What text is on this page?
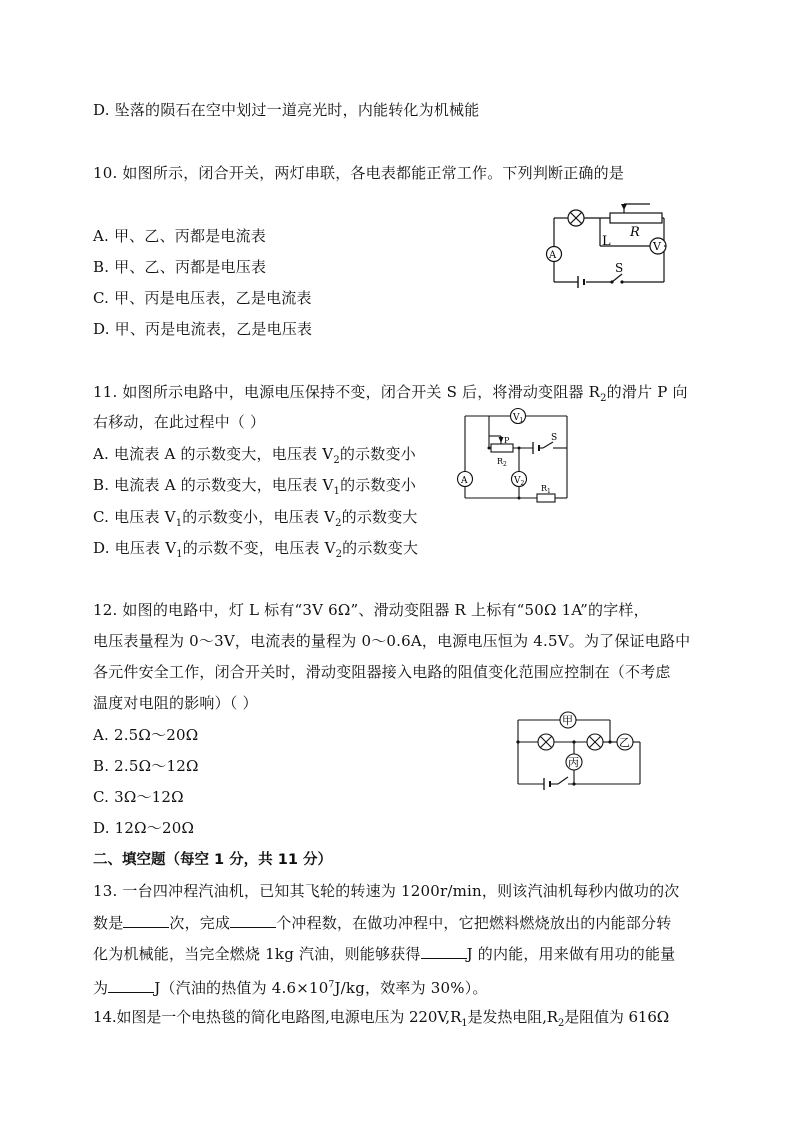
D. 坠落的陨石在空中划过一道亮光时，内能转化为机械能
10. 如图所示，闭合开关，两灯串联，各电表都能正常工作。下列判断正确的是
A. 甲、乙、丙都是电流表
B. 甲、乙、丙都是电压表
C. 甲、丙是电压表，乙是电流表
D. 甲、丙是电流表，乙是电压表
L
R
A
V
S
11. 如图所示电路中，电源电压保持不变，闭合开关 S 后，将滑动变阻器 $R_2$的滑片 P 向
右移动，在此过程中（ ）
A. 电流表 A 的示数变大，电压表 $V_2$的示数变小
B. 电流表 A 的示数变大，电压表 $V_1$的示数变小
C. 电压表 $V_1$的示数变小，电压表 $V_2$的示数变大
D. 电压表 $V_1$的示数不变，电压表 $V_2$的示数变大
$V_1$
$V_2$
A
P
$R_2$
$R_1$
S
12. 如图的电路中，灯 L 标有“3V 6Ω”、滑动变阻器 R 上标有“50Ω 1A”的字样，
电压表量程为 0～3V，电流表的量程为 0～0.6A，电源电压恒为 4.5V。为了保证电路中
各元件安全工作，闭合开关时，滑动变阻器接入电路的阻值变化范围应控制在（不考虑
温度对电阻的影响）（ ）
A. 2.5Ω～20Ω
B. 2.5Ω～12Ω
C. 3Ω～12Ω
D. 12Ω～20Ω
甲
乙
丙
二、填空题（每空 1 分，共 11 分）
13. 一台四冲程汽油机，已知其飞轮的转速为 1200r/min，则该汽油机每秒内做功的次
数是	次，完成	个冲程数，在做功冲程中，它把燃料燃烧放出的内能部分转
化为机械能，当完全燃烧 1kg 汽油，则能够获得	J 的内能，用来做有用功的能量
为	J（汽油的热值为 $4.6\times 10^7J/kg$，效率为 30%）。
14.如图是一个电热毯的简化电路图,电源电压为 $220V,R_1$是发热电阻$,R_2$是阻值为 616Ω
